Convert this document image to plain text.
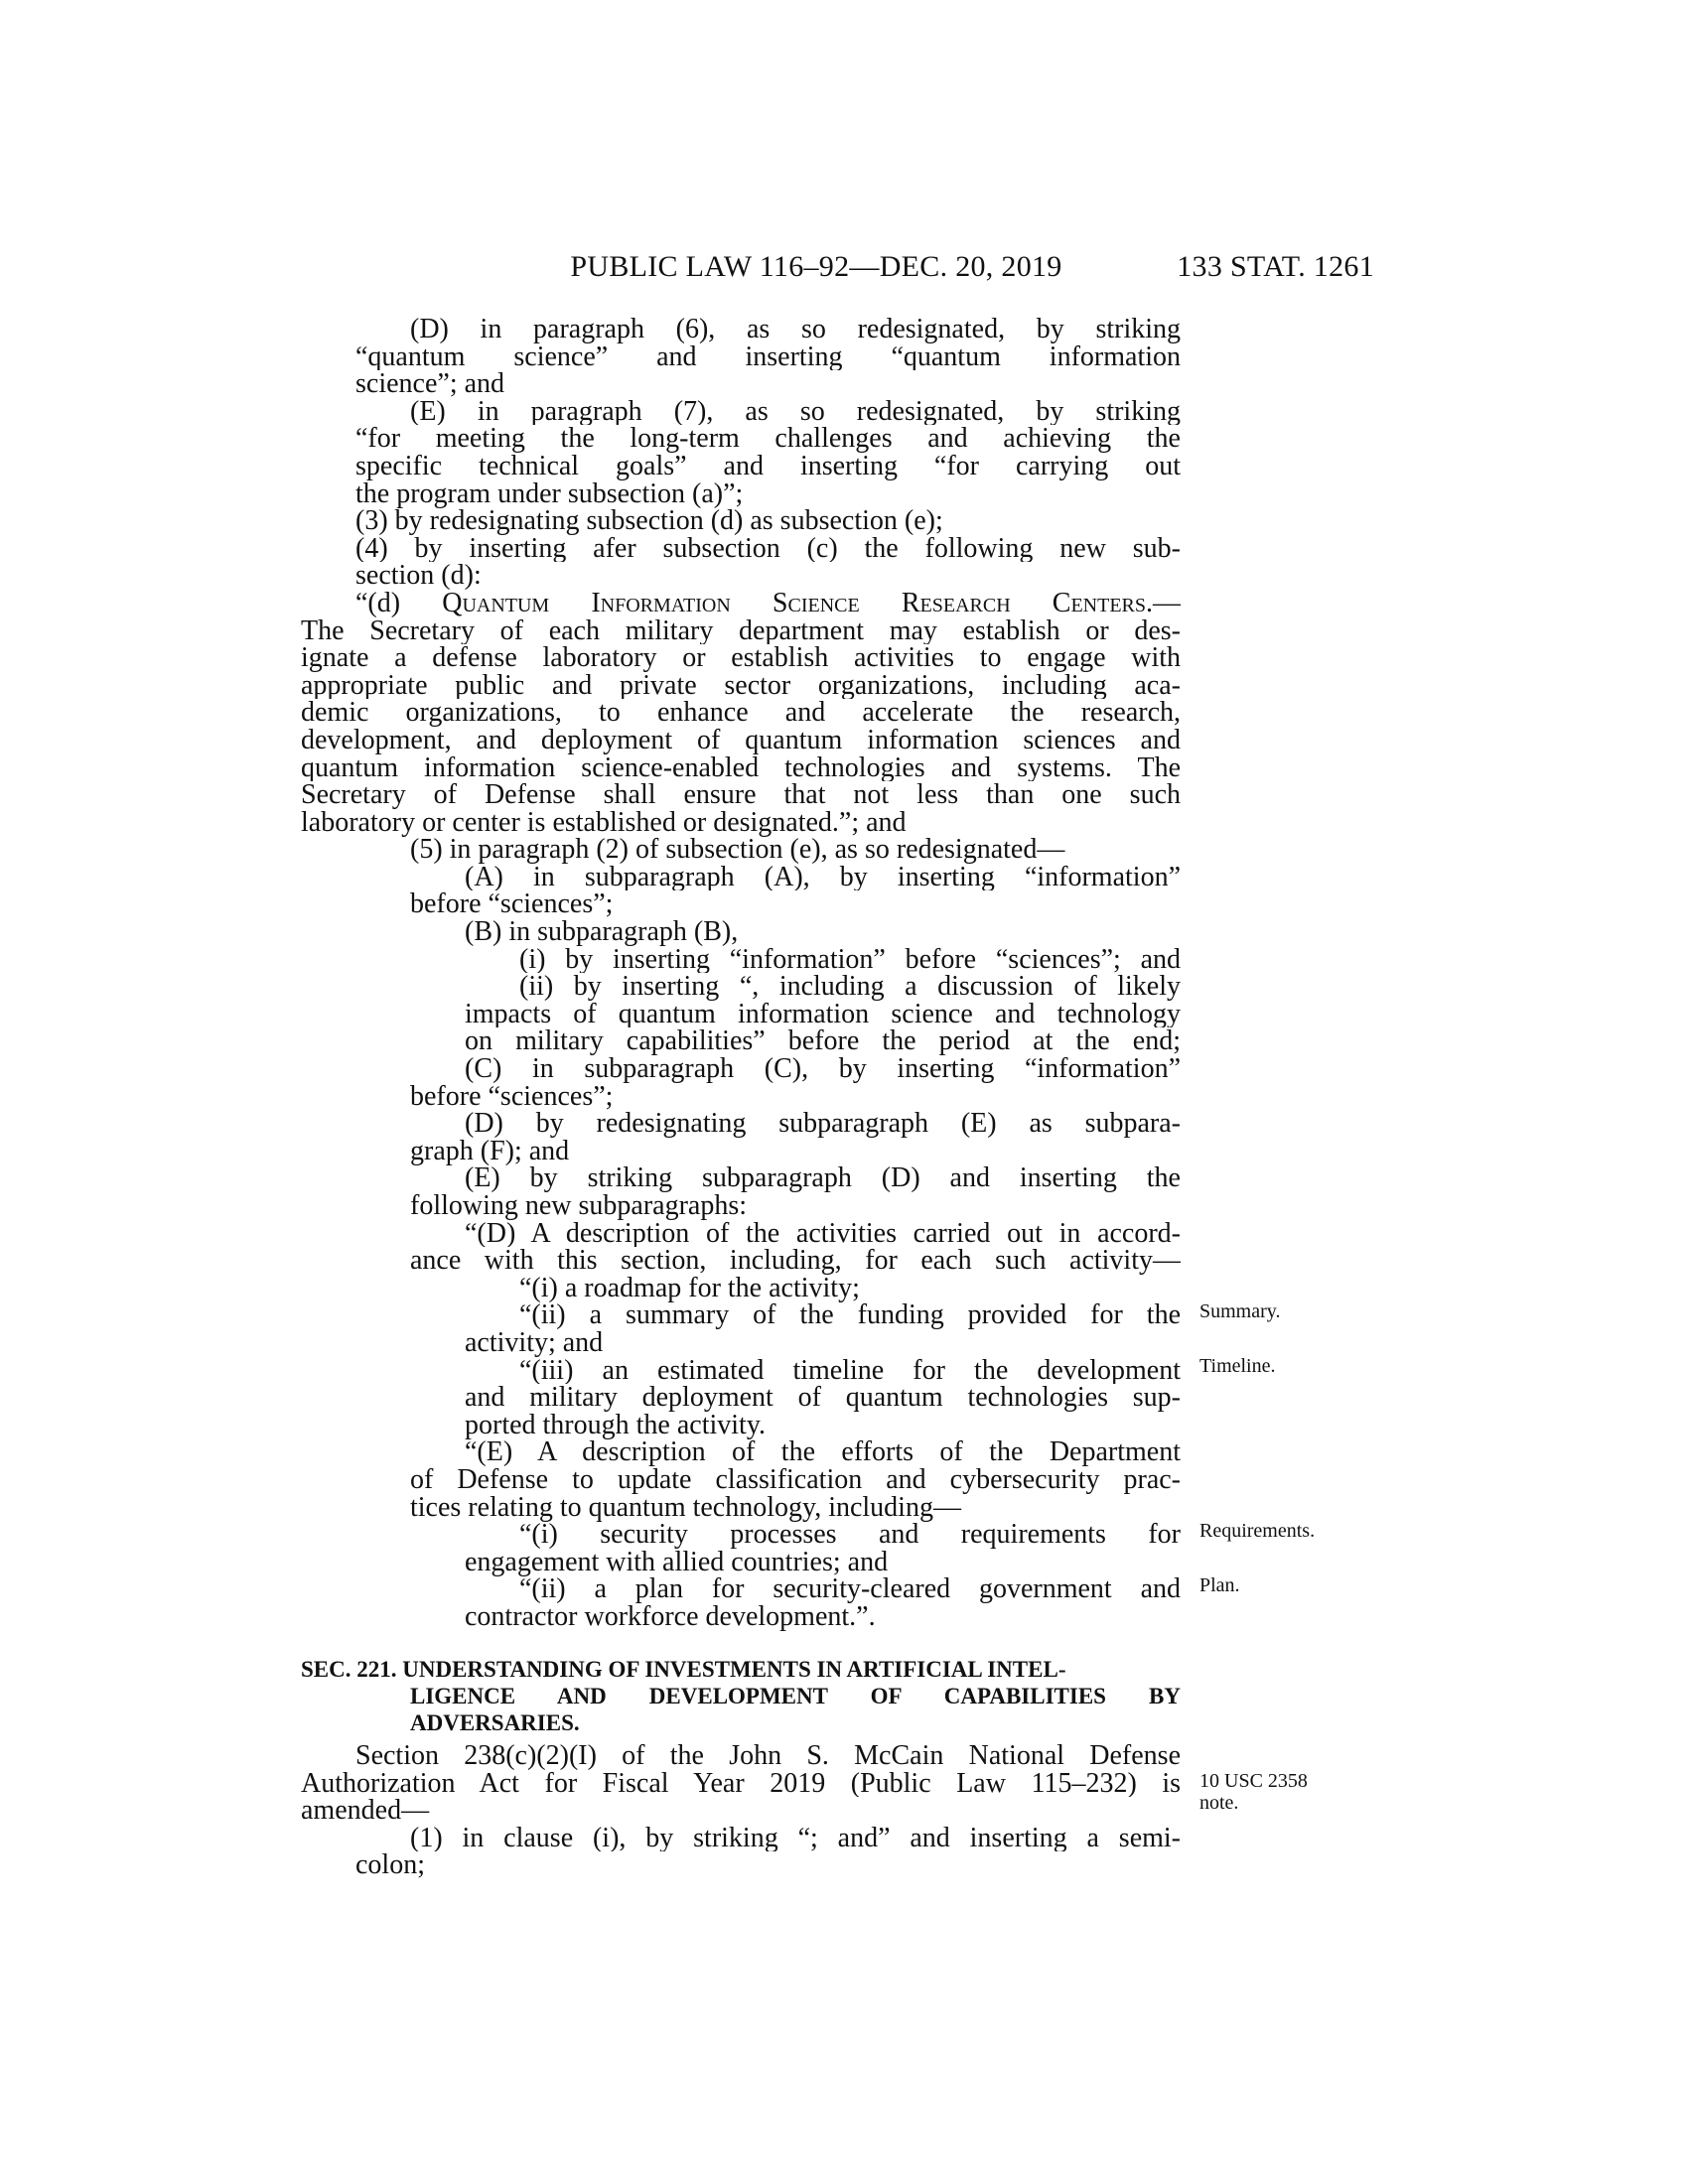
PUBLIC LAW 116–92—DEC. 20, 2019	133 STAT. 1261
(D) in paragraph (6), as so redesignated, by striking
“quantum science” and inserting “quantum information
science”; and
(E) in paragraph (7), as so redesignated, by striking
“for meeting the long-term challenges and achieving the
specific technical goals” and inserting “for carrying out
the program under subsection (a)”;
(3) by redesignating subsection (d) as subsection (e);
(4) by inserting afer subsection (c) the following new sub-
section (d):
“(d) Quantum Information Science Research Centers.—
The Secretary of each military department may establish or des-
ignate a defense laboratory or establish activities to engage with
appropriate public and private sector organizations, including aca-
demic organizations, to enhance and accelerate the research,
development, and deployment of quantum information sciences and
quantum information science-enabled technologies and systems. The
Secretary of Defense shall ensure that not less than one such
laboratory or center is established or designated.”; and
(5) in paragraph (2) of subsection (e), as so redesignated—
(A) in subparagraph (A), by inserting “information”
before “sciences”;
(B) in subparagraph (B),
(i) by inserting “information” before “sciences”; and
(ii) by inserting “, including a discussion of likely
impacts of quantum information science and technology
on military capabilities” before the period at the end;
(C) in subparagraph (C), by inserting “information”
before “sciences”;
(D) by redesignating subparagraph (E) as subpara-
graph (F); and
(E) by striking subparagraph (D) and inserting the
following new subparagraphs:
“(D) A description of the activities carried out in accord-
ance with this section, including, for each such activity—
“(i) a roadmap for the activity;
“(ii) a summary of the funding provided for the
activity; and
“(iii) an estimated timeline for the development
and military deployment of quantum technologies sup-
ported through the activity.
“(E) A description of the efforts of the Department
of Defense to update classification and cybersecurity prac-
tices relating to quantum technology, including—
“(i) security processes and requirements for
engagement with allied countries; and
“(ii) a plan for security-cleared government and
contractor workforce development.”.
SEC. 221. UNDERSTANDING OF INVESTMENTS IN ARTIFICIAL INTEL-
LIGENCE AND DEVELOPMENT OF CAPABILITIES BY
ADVERSARIES.
Section 238(c)(2)(I) of the John S. McCain National Defense
Authorization Act for Fiscal Year 2019 (Public Law 115–232) is
amended—
(1) in clause (i), by striking “; and” and inserting a semi-
colon;
Summary.
Timeline.
Requirements.
Plan.
10 USC 2358
note.
